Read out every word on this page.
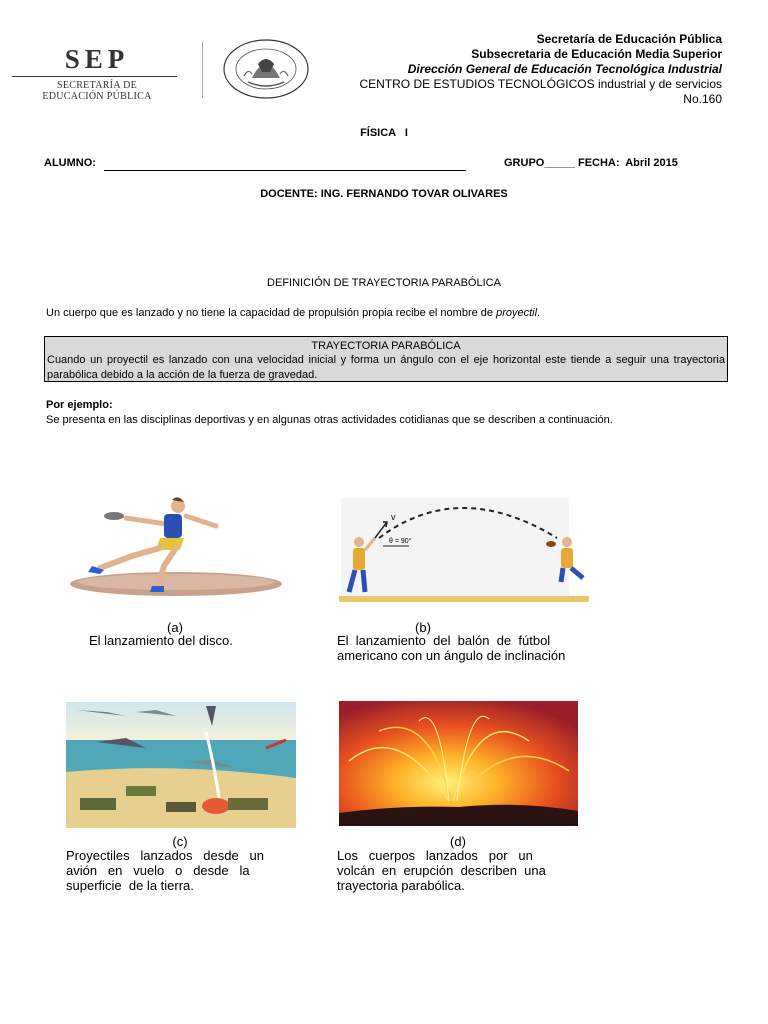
SEP
SECRETARÍA DE
EDUCACIÓN PÚBLICA
Secretaría de Educación Pública
Subsecretaria de Educación Media Superior
Dirección General de Educación Tecnológica Industrial
CENTRO DE ESTUDIOS TECNOLÓGICOS industrial y de servicios
No.160
FÍSICA   I
ALUMNO:	GRUPO_____ FECHA:  Abril 2015
DOCENTE: ING. FERNANDO TOVAR OLIVARES
DEFINICIÓN DE TRAYECTORIA PARABÓLICA
Un cuerpo que es lanzado y no tiene la capacidad de propulsión propia recibe el nombre de proyectil.
TRAYECTORIA PARABÓLICA
Cuando un proyectil es lanzado con una velocidad inicial y forma un ángulo con el eje horizontal este tiende a seguir una trayectoria parabólica debido a la acción de la fuerza de gravedad.
Por ejemplo:
Se presenta en las disciplinas deportivas y en algunas otras actividades cotidianas que se describen a continuación.
(a)
El lanzamiento del disco.
v
θ = 90°
(b)
El  lanzamiento  del  balón  de  fútbol
americano con un ángulo de inclinación
(c)
Proyectiles   lanzados   desde   un
avión   en   vuelo   o   desde   la
superficie  de la tierra.
(d)
Los   cuerpos   lanzados   por   un
volcán  en  erupción  describen  una
trayectoria parabólica.
